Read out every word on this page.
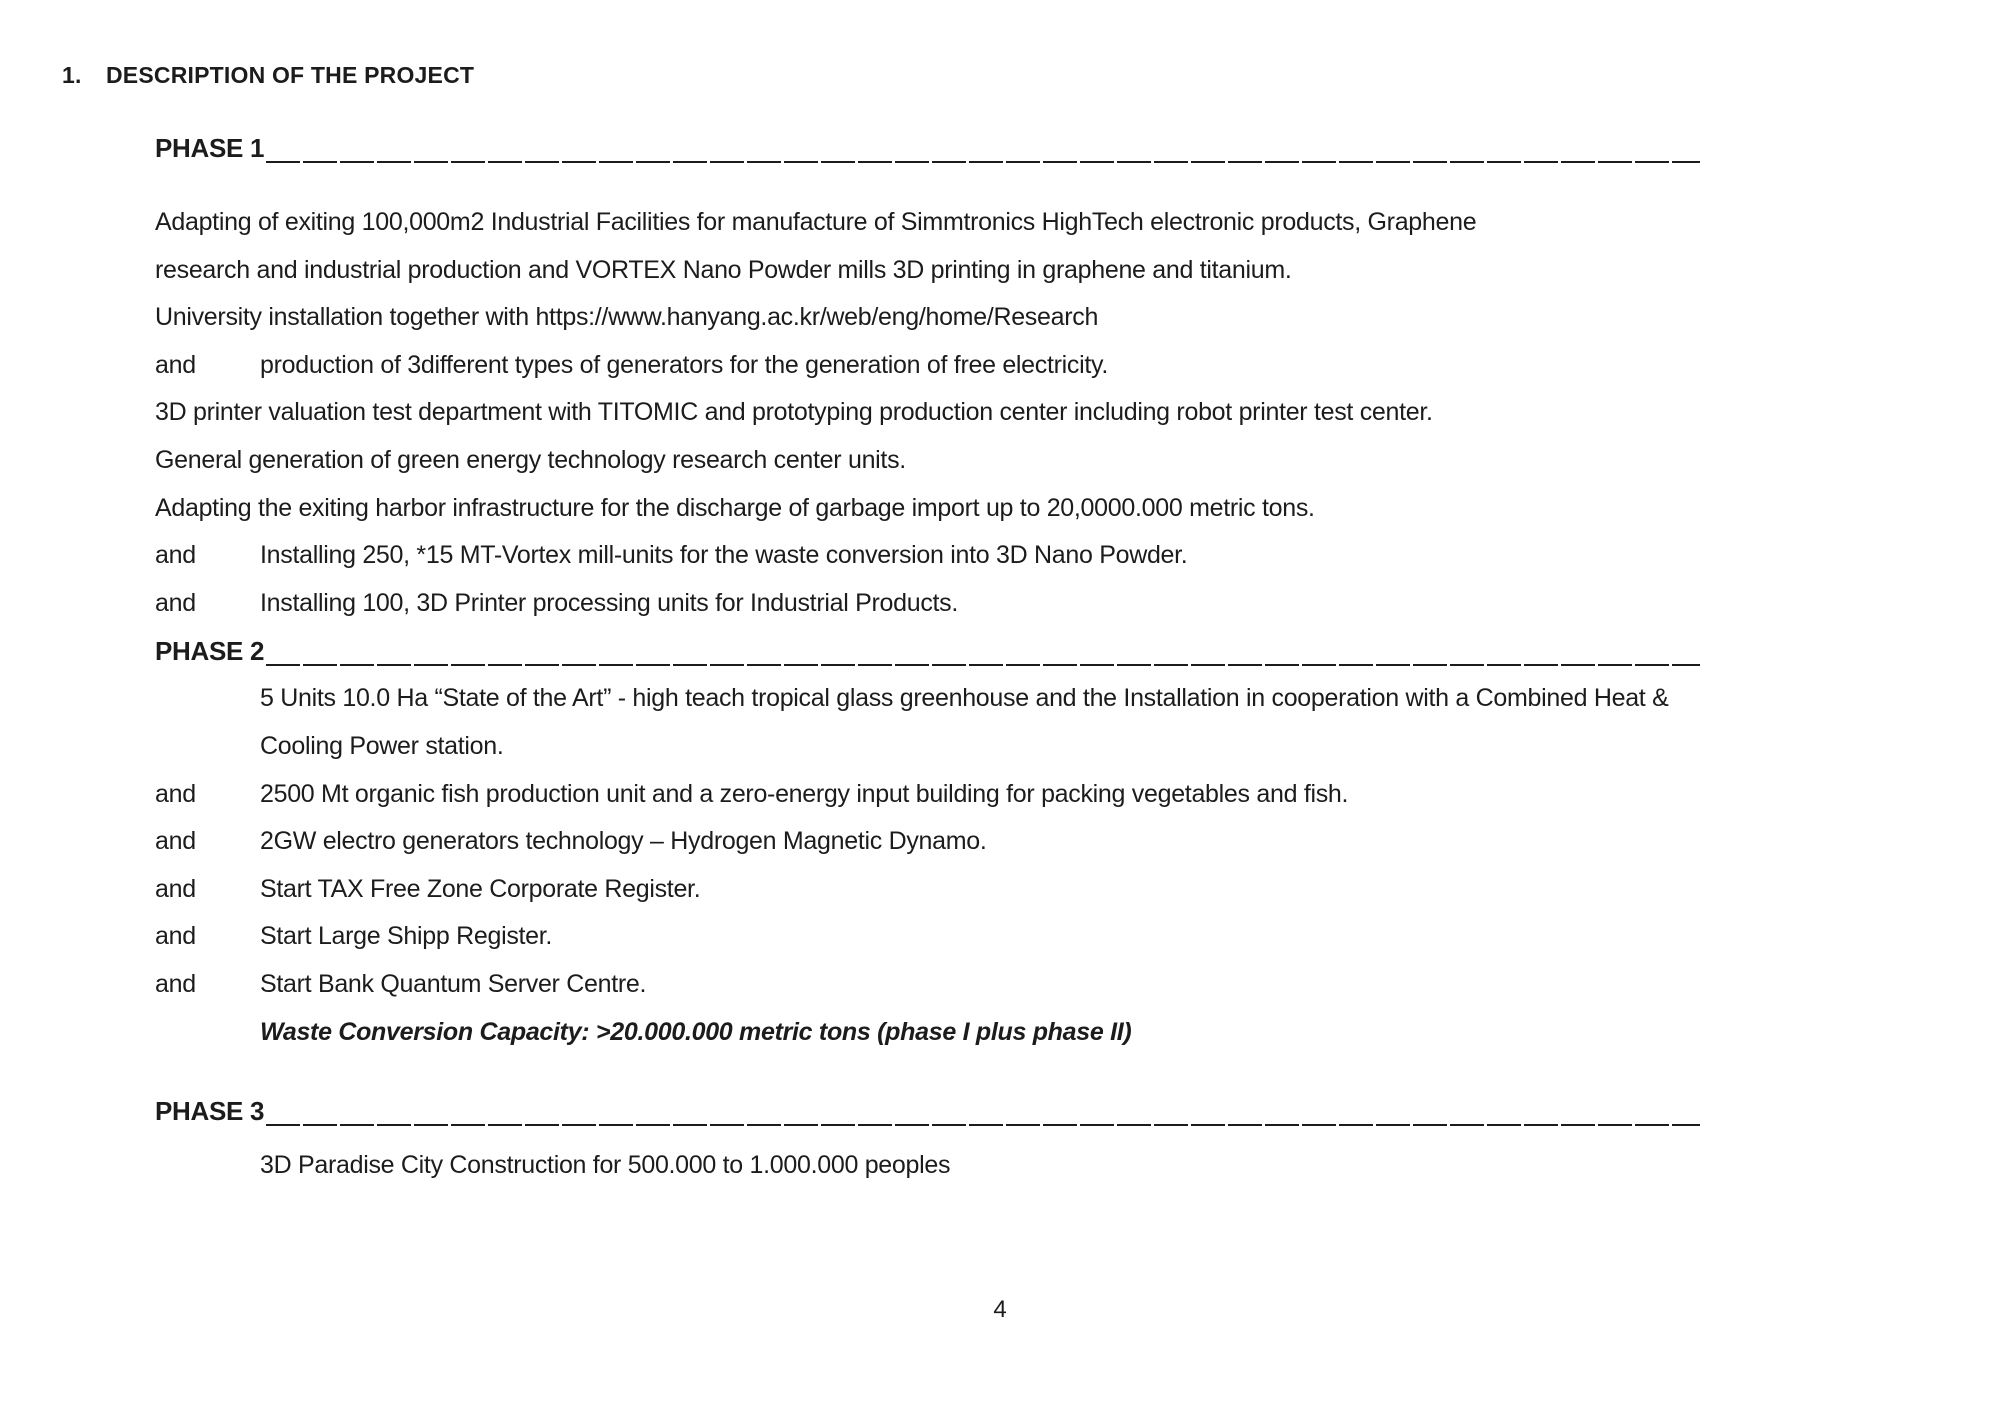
1.	DESCRIPTION OF THE PROJECT
PHASE 1
Adapting of exiting 100,000m2 Industrial Facilities for manufacture of Simmtronics HighTech electronic products, Graphene
research and industrial production and VORTEX Nano Powder mills 3D printing in graphene and titanium.
University installation together with https://www.hanyang.ac.kr/web/eng/home/Research
and	production of 3different types of generators for the generation of free electricity.
3D printer valuation test department with TITOMIC and prototyping production center including robot printer test center.
General generation of green energy technology research center units.
Adapting the exiting harbor infrastructure for the discharge of garbage import up to 20,0000.000 metric tons.
and	Installing 250, *15 MT-Vortex mill-units for the waste conversion into 3D Nano Powder.
and	Installing 100, 3D Printer processing units for Industrial Products.
PHASE 2
5 Units 10.0 Ha “State of the Art” - high teach tropical glass greenhouse and the Installation in cooperation with a Combined Heat &
Cooling Power station.
and	2500 Mt organic fish production unit and a zero-energy input building for packing vegetables and fish.
and	2GW electro generators technology – Hydrogen Magnetic Dynamo.
and	Start TAX Free Zone Corporate Register.
and	Start Large Shipp Register.
and	Start Bank Quantum Server Centre.
Waste Conversion Capacity: >20.000.000 metric tons (phase I plus phase II)
PHASE 3
3D Paradise City Construction for 500.000 to 1.000.000 peoples
4
